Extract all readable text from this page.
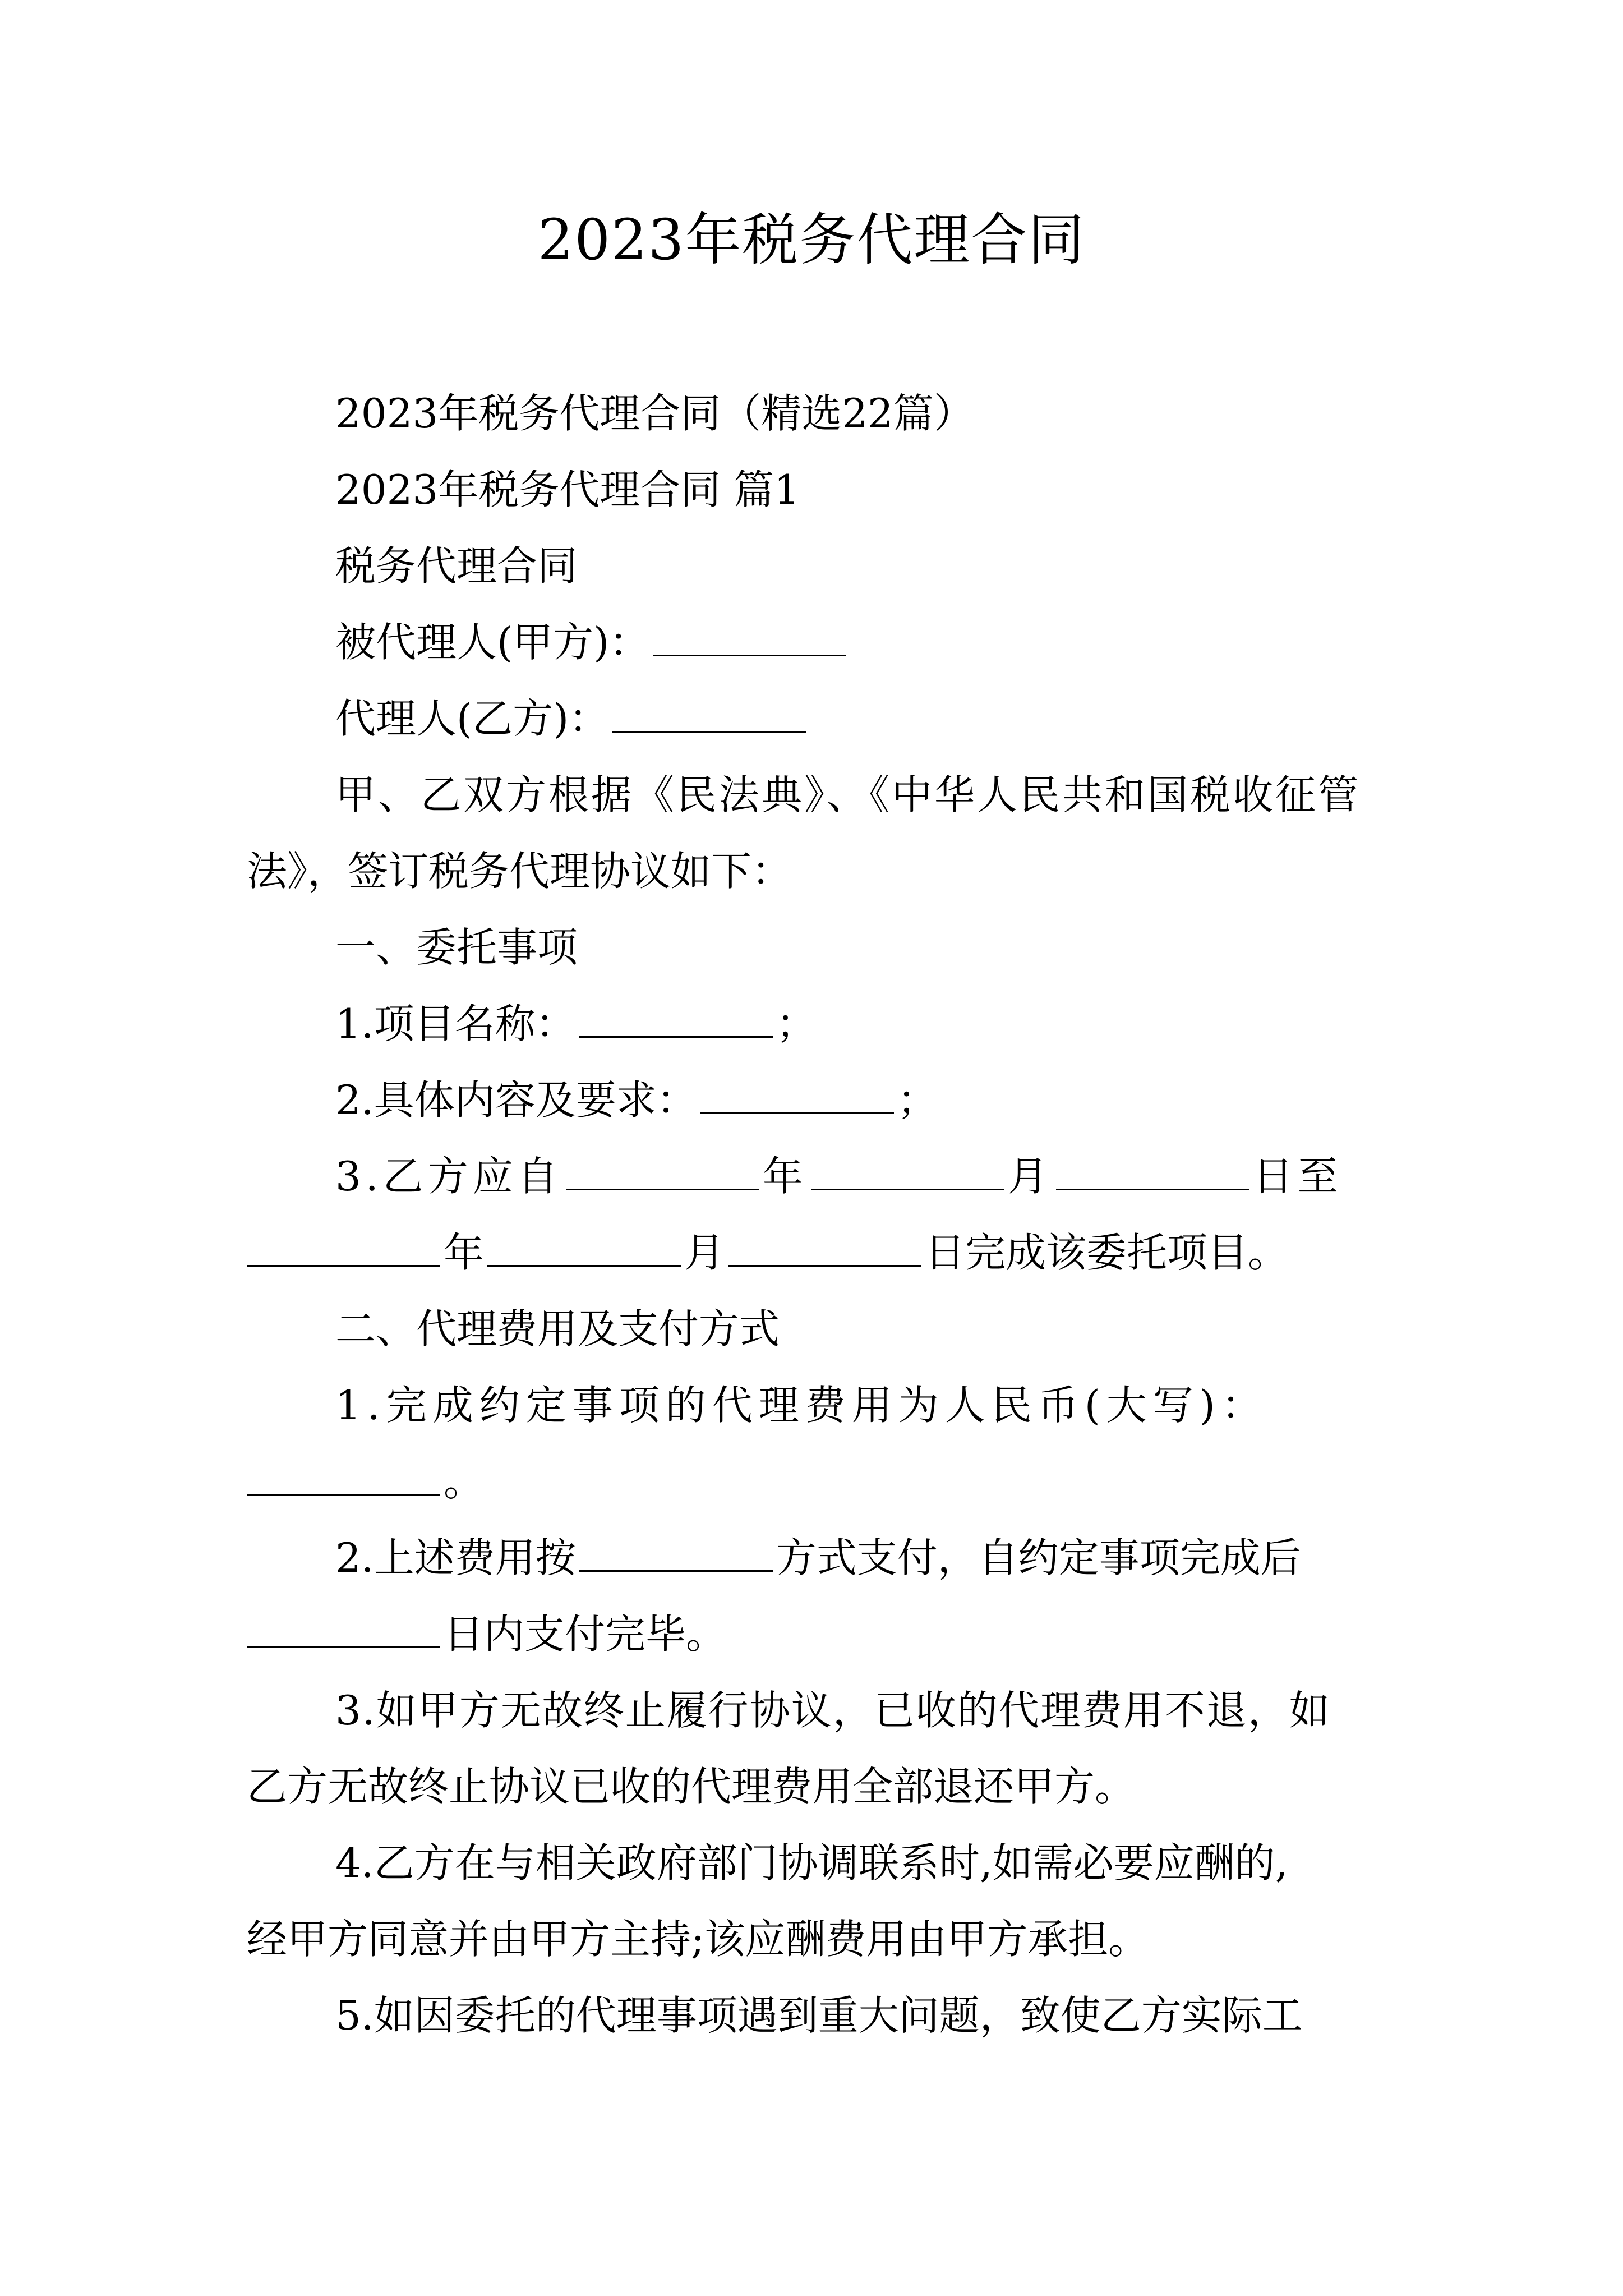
2023年税务代理合同
2023年税务代理合同（精选22篇）
2023年税务代理合同 篇1
税务代理合同
被代理人(甲方)：
代理人(乙方)：
甲、乙双方根据《民法典》、《中华人民共和国税收征管
法》，签订税务代理协议如下：
一、委托事项
1.项目名称：	；
2.具体内容及要求：	；
3.乙方应自	年	月	日至
年	月	日完成该委托项目。
二、代理费用及支付方式
1.完成约定事项的代理费用为人民币(大写)：
。
2.上述费用按	方式支付，自约定事项完成后
日内支付完毕。
3.如甲方无故终止履行协议，已收的代理费用不退，如
乙方无故终止协议已收的代理费用全部退还甲方。
4.乙方在与相关政府部门协调联系时,如需必要应酬的,
经甲方同意并由甲方主持;该应酬费用由甲方承担。
5.如因委托的代理事项遇到重大问题，致使乙方实际工
